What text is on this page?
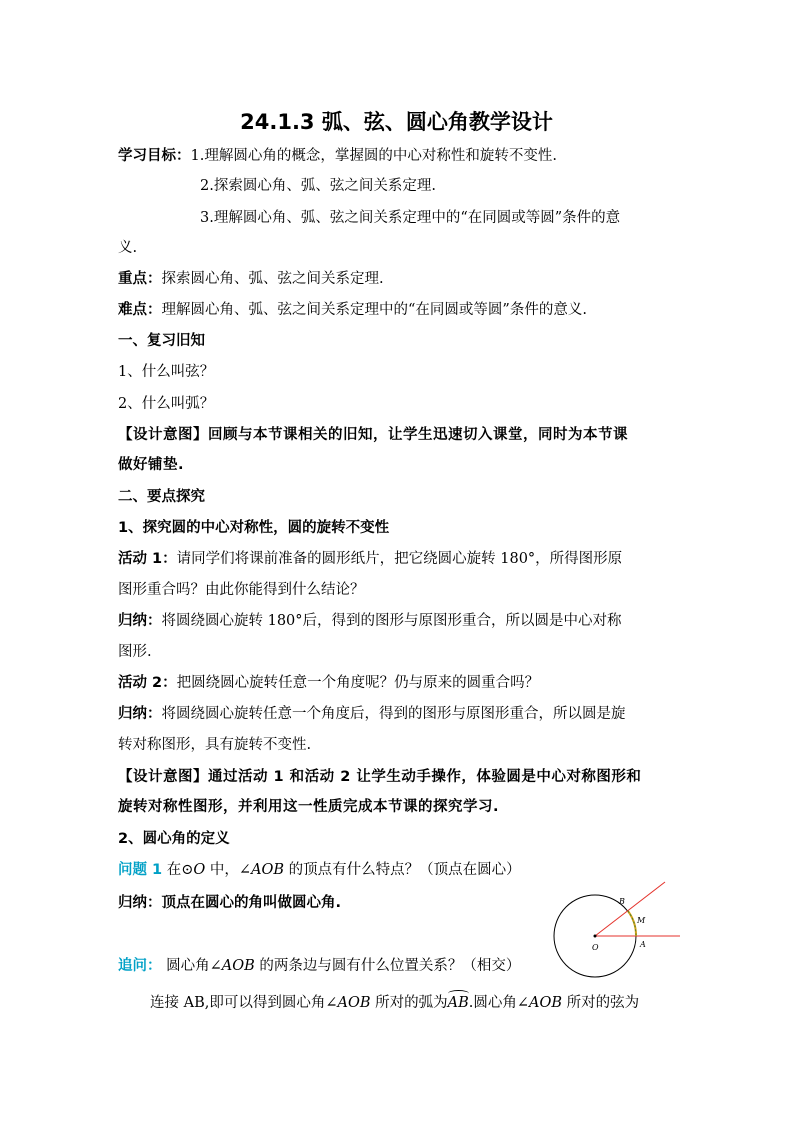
24.1.3 弧、弦、圆心角教学设计
学习目标：1.理解圆心角的概念，掌握圆的中心对称性和旋转不变性.
2.探索圆心角、弧、弦之间关系定理.
3.理解圆心角、弧、弦之间关系定理中的“在同圆或等圆”条件的意
义.
重点：探索圆心角、弧、弦之间关系定理.
难点：理解圆心角、弧、弦之间关系定理中的“在同圆或等圆”条件的意义.
一、复习旧知
1、什么叫弦？
2、什么叫弧？
【设计意图】回顾与本节课相关的旧知，让学生迅速切入课堂，同时为本节课
做好铺垫.
二、要点探究
1、探究圆的中心对称性，圆的旋转不变性
活动 1：请同学们将课前准备的圆形纸片，把它绕圆心旋转 180°，所得图形原
图形重合吗？由此你能得到什么结论？
归纳：将圆绕圆心旋转 180°后，得到的图形与原图形重合，所以圆是中心对称
图形.
活动 2：把圆绕圆心旋转任意一个角度呢？仍与原来的圆重合吗？
归纳：将圆绕圆心旋转任意一个角度后，得到的图形与原图形重合，所以圆是旋
转对称图形，具有旋转不变性.
【设计意图】通过活动 1 和活动 2 让学生动手操作，体验圆是中心对称图形和
旋转对称性图形，并利用这一性质完成本节课的探究学习.
2、圆心角的定义
问题 1 在⊙O 中，∠AOB 的顶点有什么特点？（顶点在圆心）
归纳：顶点在圆心的角叫做圆心角.
追问： 圆心角∠AOB 的两条边与圆有什么位置关系？（相交）
连接 AB,即可以得到圆心角∠AOB 所对的弧为AB.圆心角∠AOB 所对的弦为
O	A
B
M
